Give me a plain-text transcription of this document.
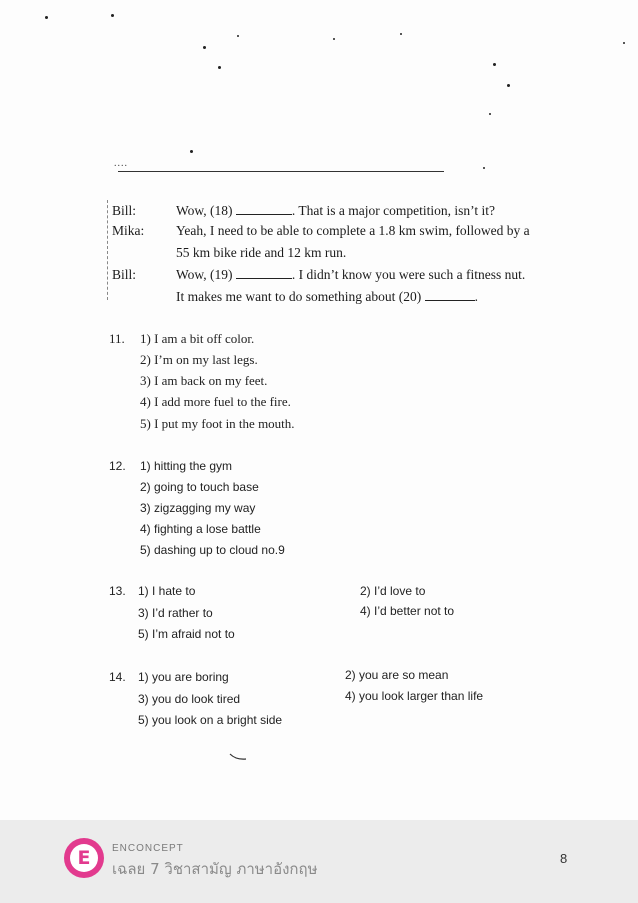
....
Bill:	Wow, (18)	. That is a major competition, isn’t it?
Mika: Yeah, I need to be able to complete a 1.8 km swim, followed by a
55 km bike ride and 12 km run.
Bill:	Wow, (19)	. I didn’t know you were such a fitness nut.
It makes me want to do something about (20)	.
11. 1) I am a bit off color.
2) I’m on my last legs.
3) I am back on my feet.
4) I add more fuel to the fire.
5) I put my foot in the mouth.
12. 1) hitting the gym
2) going to touch base
3) zigzagging my way
4) fighting a lose battle
5) dashing up to cloud no.9
13. 1) I hate to	2) I’d love to
3) I’d rather to	4) I’d better not to
5) I’m afraid not to
14. 1) you are boring	2) you are so mean
3) you do look tired	4) you look larger than life
5) you look on a bright side
E	ENCONCEPT
เฉลย 7 วิชาสามัญ ภาษาอังกฤษ
8
